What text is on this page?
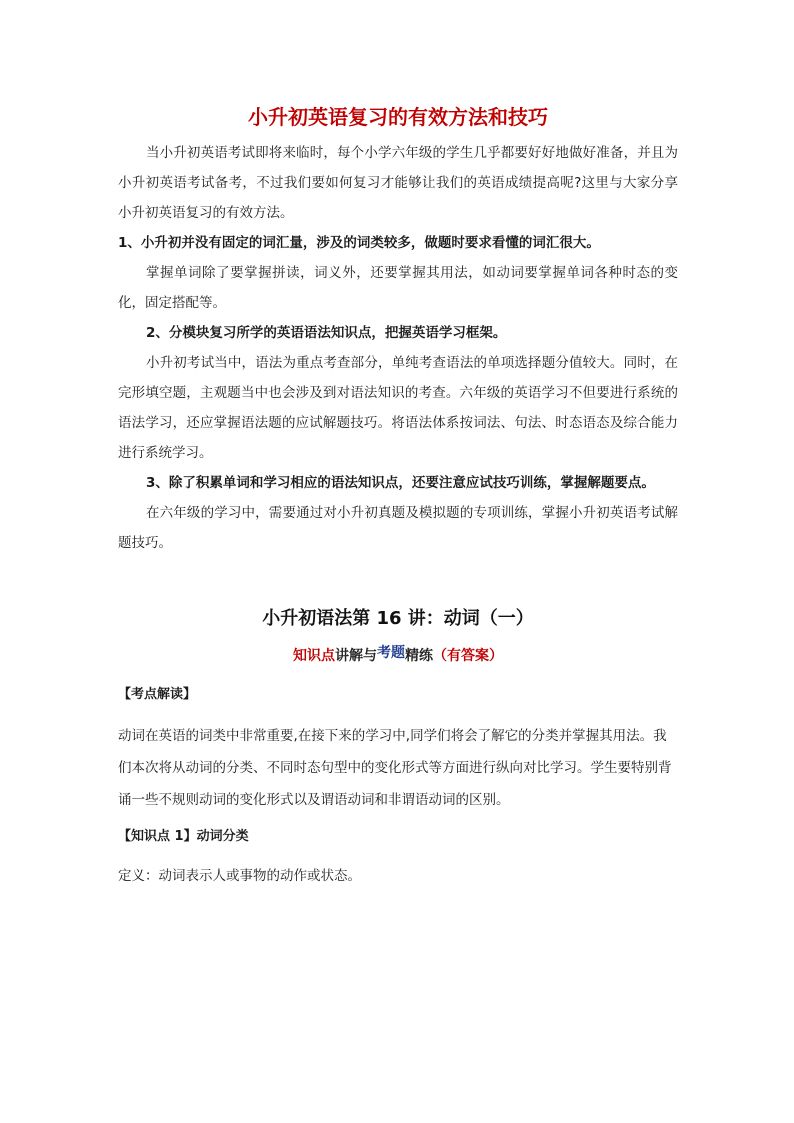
小升初英语复习的有效方法和技巧

当小升初英语考试即将来临时，每个小学六年级的学生几乎都要好好地做好准备，并且为小升初英语考试备考，不过我们要如何复习才能够让我们的英语成绩提高呢?这里与大家分享小升初英语复习的有效方法。

1、小升初并没有固定的词汇量，涉及的词类较多，做题时要求看懂的词汇很大。

掌握单词除了要掌握拼读，词义外，还要掌握其用法，如动词要掌握单词各种时态的变化，固定搭配等。

2、分模块复习所学的英语语法知识点，把握英语学习框架。

小升初考试当中，语法为重点考查部分，单纯考查语法的单项选择题分值较大。同时，在完形填空题，主观题当中也会涉及到对语法知识的考查。六年级的英语学习不但要进行系统的语法学习，还应掌握语法题的应试解题技巧。将语法体系按词法、句法、时态语态及综合能力进行系统学习。

3、除了积累单词和学习相应的语法知识点，还要注意应试技巧训练，掌握解题要点。

在六年级的学习中，需要通过对小升初真题及模拟题的专项训练，掌握小升初英语考试解题技巧。

小升初语法第 16 讲：动词（一）

知识点讲解与考题精练（有答案）

【考点解读】

动词在英语的词类中非常重要,在接下来的学习中,同学们将会了解它的分类并掌握其用法。我们本次将从动词的分类、不同时态句型中的变化形式等方面进行纵向对比学习。学生要特别背诵一些不规则动词的变化形式以及谓语动词和非谓语动词的区别。

【知识点 1】动词分类

定义：动词表示人或事物的动作或状态。
